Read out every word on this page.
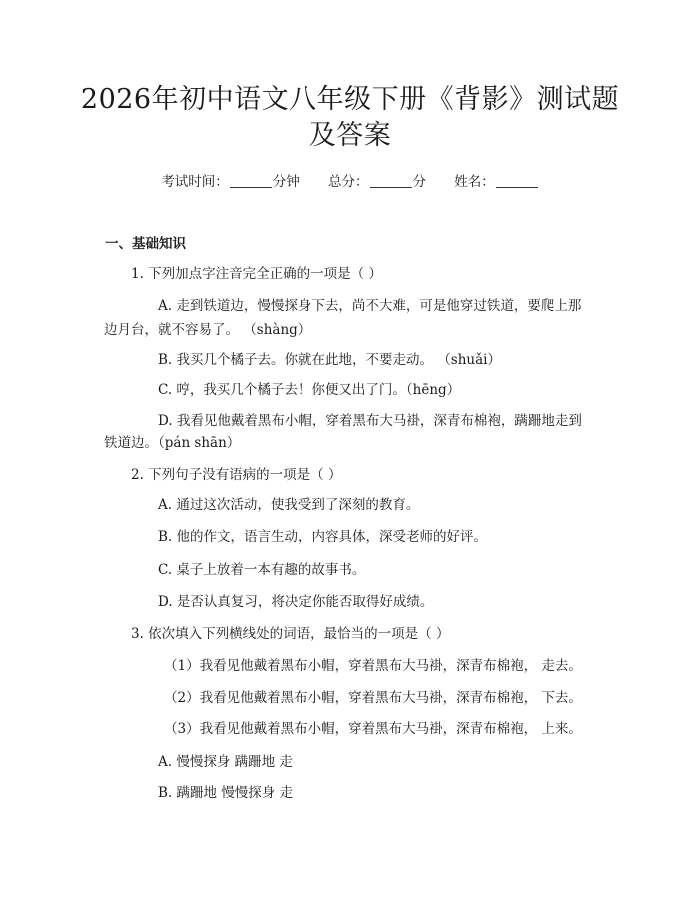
2026年初中语文八年级下册《背影》测试题
及答案
考试时间：	分钟 总分：	分 姓名：
一、基础知识
1. 下列加点字注音完全正确的一项是（ ）
A. 走到铁道边，慢慢探身下去，尚不大难，可是他穿过铁道，要爬上那
边月台，就不容易了。 （shàng）
B. 我买几个橘子去。你就在此地，不要走动。 （shuǎi）
C. 哼，我买几个橘子去！你便又出了门。（hēng）
D. 我看见他戴着黑布小帽，穿着黑布大马褂，深青布棉袍，蹒跚地走到
铁道边。（pán shān）
2. 下列句子没有语病的一项是（ ）
A. 通过这次活动，使我受到了深刻的教育。
B. 他的作文，语言生动，内容具体，深受老师的好评。
C. 桌子上放着一本有趣的故事书。
D. 是否认真复习，将决定你能否取得好成绩。
3. 依次填入下列横线处的词语，最恰当的一项是（ ）
（1）我看见他戴着黑布小帽，穿着黑布大马褂，深青布棉袍， 走去。
（2）我看见他戴着黑布小帽，穿着黑布大马褂，深青布棉袍， 下去。
（3）我看见他戴着黑布小帽，穿着黑布大马褂，深青布棉袍， 上来。
A. 慢慢探身 蹒跚地 走
B. 蹒跚地 慢慢探身 走
